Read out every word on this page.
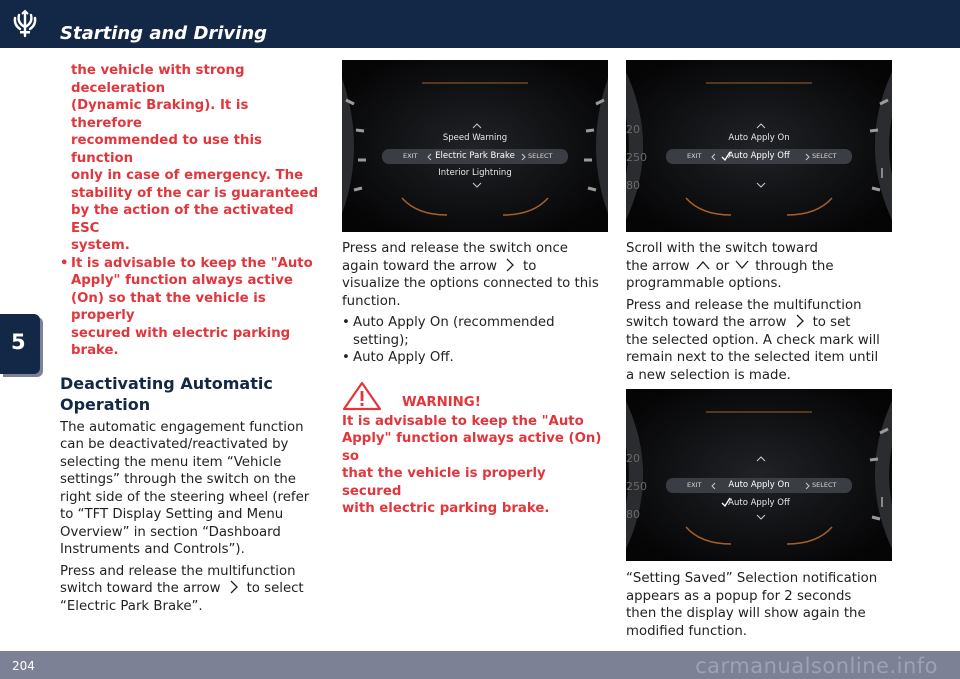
Starting and Driving
5

the vehicle with strong deceleration

(Dynamic Braking). It is therefore

recommended to use this function

only in case of emergency. The

stability of the car is guaranteed

by the action of the activated ESC

system.

• It is advisable to keep the "Auto

Apply" function always active

(On) so that the vehicle is properly

secured with electric parking brake.

Deactivating Automatic

Operation

The automatic engagement function

can be deactivated/reactivated by

selecting the menu item “Vehicle

settings” through the switch on the

right side of the steering wheel (refer

to “TFT Display Setting and Menu

Overview” in section “Dashboard

Instruments and Controls”).

Press and release the multifunction

switch toward the arrow to select

“Electric Park Brake”.

Speed Warning
Electric Park Brake
Interior Lightning
EXIT	SELECT
20
250
80
Auto Apply On
Auto Apply Off
EXIT	SELECT

Press and release the switch once

again toward the arrow to

visualize the options connected to this

function.

• Auto Apply On (recommended

setting);

• Auto Apply Off.

WARNING!

It is advisable to keep the "Auto

Apply" function always active (On) so

that the vehicle is properly secured

with electric parking brake.

Scroll with the switch toward

the arrow or through the

programmable options.

Press and release the multifunction

switch toward the arrow to set

the selected option. A check mark will

remain next to the selected item until

a new selection is made.

20
250
80
Auto Apply On
Auto Apply Off
EXIT	SELECT

“Setting Saved” Selection notification

appears as a popup for 2 seconds

then the display will show again the

modified function.

204	carmanualsonline.info
